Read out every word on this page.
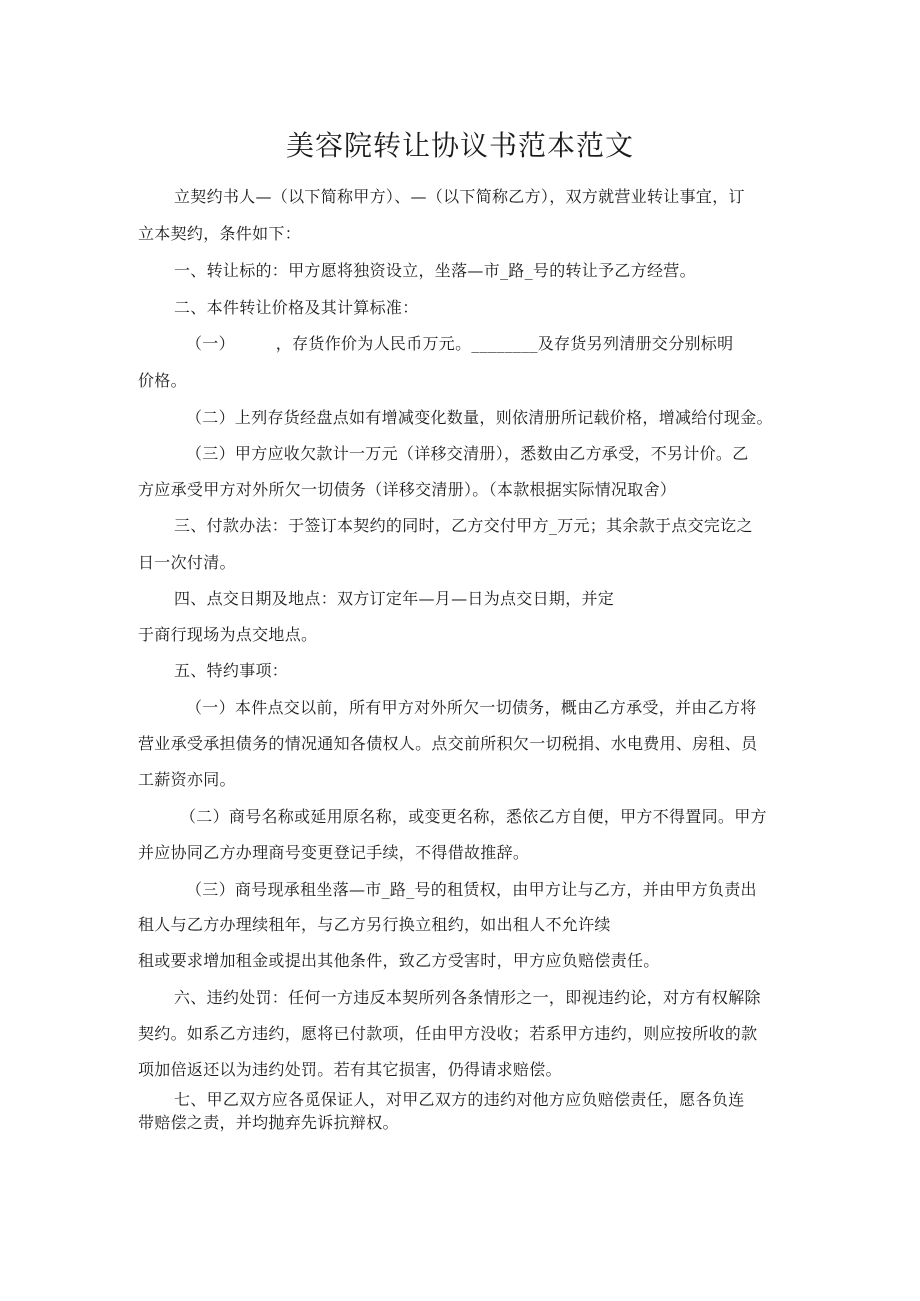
美容院转让协议书范本范文
立契约书人—（以下简称甲方）、—（以下简称乙方），双方就营业转让事宜，订
立本契约，条件如下：
一、转让标的：甲方愿将独资设立，坐落—市_路_号的转让予乙方经营。
二、本件转让价格及其计算标准：
（一）　　　，存货作价为人民币万元。________及存货另列清册交分别标明
价格。
（二）上列存货经盘点如有增减变化数量，则依清册所记载价格，增减给付现金。
（三）甲方应收欠款计一万元（详移交清册），悉数由乙方承受，不另计价。乙
方应承受甲方对外所欠一切债务（详移交清册）。（本款根据实际情况取舍）
三、付款办法：于签订本契约的同时，乙方交付甲方_万元；其余款于点交完讫之
日一次付清。
四、点交日期及地点：双方订定年—月—日为点交日期，并定
于商行现场为点交地点。
五、特约事项：
（一）本件点交以前，所有甲方对外所欠一切债务，概由乙方承受，并由乙方将
营业承受承担债务的情况通知各债权人。点交前所积欠一切税捐、水电费用、房租、员
工薪资亦同。
（二）商号名称或延用原名称，或变更名称，悉依乙方自便，甲方不得置同。甲方
并应协同乙方办理商号变更登记手续，不得借故推辞。
（三）商号现承租坐落—市_路_号的租赁权，由甲方让与乙方，并由甲方负责出
租人与乙方办理续租年，与乙方另行换立租约，如出租人不允许续
租或要求增加租金或提出其他条件，致乙方受害时，甲方应负赔偿责任。
六、违约处罚：任何一方违反本契所列各条情形之一，即视违约论，对方有权解除
契约。如系乙方违约，愿将已付款项，任由甲方没收；若系甲方违约，则应按所收的款
项加倍返还以为违约处罚。若有其它损害，仍得请求赔偿。
七、甲乙双方应各觅保证人，对甲乙双方的违约对他方应负赔偿责任，愿各负连
带赔偿之责，并均抛弃先诉抗辩权。
